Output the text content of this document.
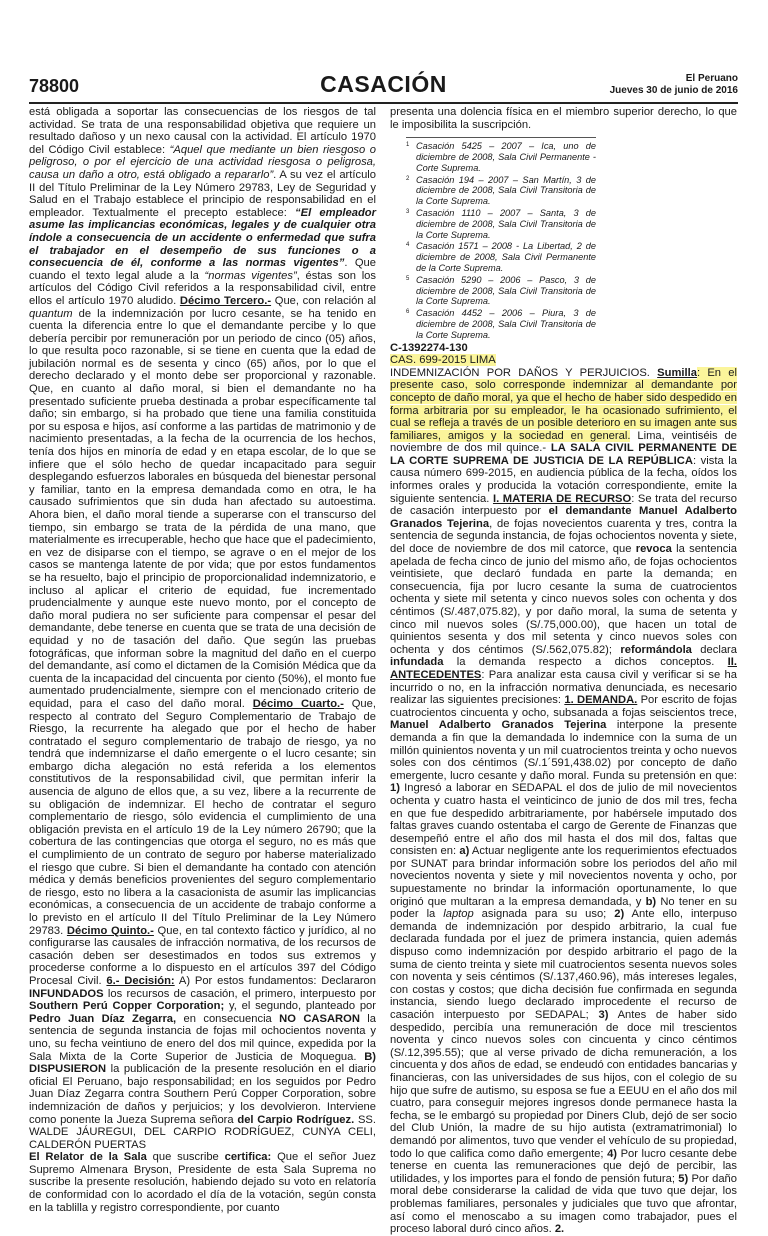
78800	CASACIÓN	El Peruano
Jueves 30 de junio de 2016

está obligada a soportar las consecuencias de los riesgos de tal actividad. Se trata de una responsabilidad objetiva que requiere un resultado dañoso y un nexo causal con la actividad. El artículo 1970 del Código Civil establece: “Aquel que mediante un bien riesgoso o peligroso, o por el ejercicio de una actividad riesgosa o peligrosa, causa un daño a otro, está obligado a repararlo”. A su vez el artículo II del Título Preliminar de la Ley Número 29783, Ley de Seguridad y Salud en el Trabajo establece el principio de responsabilidad en el empleador. Textualmente el precepto establece: “El empleador asume las implicancias económicas, legales y de cualquier otra índole a consecuencia de un accidente o enfermedad que sufra el trabajador en el desempeño de sus funciones o a consecuencia de él, conforme a las normas vigentes”. Que cuando el texto legal alude a la “normas vigentes”, éstas son los artículos del Código Civil referidos a la responsabilidad civil, entre ellos el artículo 1970 aludido. Décimo Tercero.- Que, con relación al quantum de la indemnización por lucro cesante, se ha tenido en cuenta la diferencia entre lo que el demandante percibe y lo que debería percibir por remuneración por un periodo de cinco (05) años, lo que resulta poco razonable, si se tiene en cuenta que la edad de jubilación normal es de sesenta y cinco (65) años, por lo que el derecho declarado y el monto debe ser proporcional y razonable. Que, en cuanto al daño moral, si bien el demandante no ha presentado suficiente prueba destinada a probar específicamente tal daño; sin embargo, si ha probado que tiene una familia constituida por su esposa e hijos, así conforme a las partidas de matrimonio y de nacimiento presentadas, a la fecha de la ocurrencia de los hechos, tenía dos hijos en minoría de edad y en etapa escolar, de lo que se infiere que el sólo hecho de quedar incapacitado para seguir desplegando esfuerzos laborales en búsqueda del bienestar personal y familiar, tanto en la empresa demandada como en otra, le ha causado sufrimientos que sin duda han afectado su autoestima. Ahora bien, el daño moral tiende a superarse con el transcurso del tiempo, sin embargo se trata de la pérdida de una mano, que materialmente es irrecuperable, hecho que hace que el padecimiento, en vez de disiparse con el tiempo, se agrave o en el mejor de los casos se mantenga latente de por vida; que por estos fundamentos se ha resuelto, bajo el principio de proporcionalidad indemnizatorio, e incluso al aplicar el criterio de equidad, fue incrementado prudencialmente y aunque este nuevo monto, por el concepto de daño moral pudiera no ser suficiente para compensar el pesar del demandante, debe tenerse en cuenta que se trata de una decisión de equidad y no de tasación del daño. Que según las pruebas fotográficas, que informan sobre la magnitud del daño en el cuerpo del demandante, así como el dictamen de la Comisión Médica que da cuenta de la incapacidad del cincuenta por ciento (50%), el monto fue aumentado prudencialmente, siempre con el mencionado criterio de equidad, para el caso del daño moral. Décimo Cuarto.- Que, respecto al contrato del Seguro Complementario de Trabajo de Riesgo, la recurrente ha alegado que por el hecho de haber contratado el seguro complementario de trabajo de riesgo, ya no tendrá que indemnizarse el daño emergente o el lucro cesante; sin embargo dicha alegación no está referida a los elementos constitutivos de la responsabilidad civil, que permitan inferir la ausencia de alguno de ellos que, a su vez, libere a la recurrente de su obligación de indemnizar. El hecho de contratar el seguro complementario de riesgo, sólo evidencia el cumplimiento de una obligación prevista en el artículo 19 de la Ley número 26790; que la cobertura de las contingencias que otorga el seguro, no es más que el cumplimiento de un contrato de seguro por haberse materializado el riesgo que cubre. Si bien el demandante ha contado con atención médica y demás beneficios provenientes del seguro complementario de riesgo, esto no libera a la casacionista de asumir las implicancias económicas, a consecuencia de un accidente de trabajo conforme a lo previsto en el artículo II del Título Preliminar de la Ley Número 29783. Décimo Quinto.- Que, en tal contexto fáctico y jurídico, al no configurarse las causales de infracción normativa, de los recursos de casación deben ser desestimados en todos sus extremos y procederse conforme a lo dispuesto en el artículos 397 del Código Procesal Civil. 6.- Decisión: A) Por estos fundamentos: Declararon INFUNDADOS los recursos de casación, el primero, interpuesto por Southern Perú Copper Corporation; y, el segundo, planteado por Pedro Juan Díaz Zegarra, en consecuencia NO CASARON la sentencia de segunda instancia de fojas mil ochocientos noventa y uno, su fecha veintiuno de enero del dos mil quince, expedida por la Sala Mixta de la Corte Superior de Justicia de Moquegua. B) DISPUSIERON la publicación de la presente resolución en el diario oficial El Peruano, bajo responsabilidad; en los seguidos por Pedro Juan Díaz Zegarra contra Southern Perú Copper Corporation, sobre indemnización de daños y perjuicios; y los devolvieron. Interviene como ponente la Jueza Suprema señora del Carpio Rodríguez. SS. WALDE JÁUREGUI, DEL CARPIO RODRÍGUEZ, CUNYA CELI, CALDERÓN PUERTAS

El Relator de la Sala que suscribe certifica: Que el señor Juez Supremo Almenara Bryson, Presidente de esta Sala Suprema no suscribe la presente resolución, habiendo dejado su voto en relatoría de conformidad con lo acordado el día de la votación, según consta en la tablilla y registro correspondiente, por cuanto

presenta una dolencia física en el miembro superior derecho, lo que le imposibilita la suscripción.

1 Casación 5425 – 2007 – Ica, uno de diciembre de 2008, Sala Civil Permanente - Corte Suprema.
2 Casación 194 – 2007 – San Martín, 3 de diciembre de 2008, Sala Civil Transitoria de la Corte Suprema.
3 Casación 1110 – 2007 – Santa, 3 de diciembre de 2008, Sala Civil Transitoria de la Corte Suprema.
4 Casación 1571 – 2008 - La Libertad, 2 de diciembre de 2008, Sala Civil Permanente de la Corte Suprema.
5 Casación 5290 – 2006 – Pasco, 3 de diciembre de 2008, Sala Civil Transitoria de la Corte Suprema.
6 Casación 4452 – 2006 – Piura, 3 de diciembre de 2008, Sala Civil Transitoria de la Corte Suprema.

C-1392274-130

CAS. 699-2015 LIMA

INDEMNIZACIÓN POR DAÑOS Y PERJUICIOS. Sumilla: En el presente caso, solo corresponde indemnizar al demandante por concepto de daño moral, ya que el hecho de haber sido despedido en forma arbitraria por su empleador, le ha ocasionado sufrimiento, el cual se refleja a través de un posible deterioro en su imagen ante sus familiares, amigos y la sociedad en general. Lima, veintiséis de noviembre de dos mil quince.- LA SALA CIVIL PERMANENTE DE LA CORTE SUPREMA DE JUSTICIA DE LA REPÚBLICA: vista la causa número 699-2015, en audiencia pública de la fecha, oídos los informes orales y producida la votación correspondiente, emite la siguiente sentencia. I. MATERIA DE RECURSO: Se trata del recurso de casación interpuesto por el demandante Manuel Adalberto Granados Tejerina, de fojas novecientos cuarenta y tres, contra la sentencia de segunda instancia, de fojas ochocientos noventa y siete, del doce de noviembre de dos mil catorce, que revoca la sentencia apelada de fecha cinco de junio del mismo año, de fojas ochocientos veintisiete, que declaró fundada en parte la demanda; en consecuencia, fija por lucro cesante la suma de cuatrocientos ochenta y siete mil setenta y cinco nuevos soles con ochenta y dos céntimos (S/.487,075.82), y por daño moral, la suma de setenta y cinco mil nuevos soles (S/.75,000.00), que hacen un total de quinientos sesenta y dos mil setenta y cinco nuevos soles con ochenta y dos céntimos (S/.562,075.82); reformándola declara infundada la demanda respecto a dichos conceptos. II. ANTECEDENTES: Para analizar esta causa civil y verificar si se ha incurrido o no, en la infracción normativa denunciada, es necesario realizar las siguientes precisiones: 1. DEMANDA. Por escrito de fojas cuatrocientos cincuenta y ocho, subsanada a fojas seiscientos trece, Manuel Adalberto Granados Tejerina interpone la presente demanda a fin que la demandada lo indemnice con la suma de un millón quinientos noventa y un mil cuatrocientos treinta y ocho nuevos soles con dos céntimos (S/.1´591,438.02) por concepto de daño emergente, lucro cesante y daño moral. Funda su pretensión en que: 1) Ingresó a laborar en SEDAPAL el dos de julio de mil novecientos ochenta y cuatro hasta el veinticinco de junio de dos mil tres, fecha en que fue despedido arbitrariamente, por habérsele imputado dos faltas graves cuando ostentaba el cargo de Gerente de Finanzas que desempeñó entre el año dos mil hasta el dos mil dos, faltas que consisten en: a) Actuar negligente ante los requerimientos efectuados por SUNAT para brindar información sobre los periodos del año mil novecientos noventa y siete y mil novecientos noventa y ocho, por supuestamente no brindar la información oportunamente, lo que originó que multaran a la empresa demandada, y b) No tener en su poder la laptop asignada para su uso; 2) Ante ello, interpuso demanda de indemnización por despido arbitrario, la cual fue declarada fundada por el juez de primera instancia, quien además dispuso como indemnización por despido arbitrario el pago de la suma de ciento treinta y siete mil cuatrocientos sesenta nuevos soles con noventa y seis céntimos (S/.137,460.96), más intereses legales, con costas y costos; que dicha decisión fue confirmada en segunda instancia, siendo luego declarado improcedente el recurso de casación interpuesto por SEDAPAL; 3) Antes de haber sido despedido, percibía una remuneración de doce mil trescientos noventa y cinco nuevos soles con cincuenta y cinco céntimos (S/.12,395.55); que al verse privado de dicha remuneración, a los cincuenta y dos años de edad, se endeudó con entidades bancarias y financieras, con las universidades de sus hijos, con el colegio de su hijo que sufre de autismo, su esposa se fue a EEUU en el año dos mil cuatro, para conseguir mejores ingresos donde permanece hasta la fecha, se le embargó su propiedad por Diners Club, dejó de ser socio del Club Unión, la madre de su hijo autista (extramatrimonial) lo demandó por alimentos, tuvo que vender el vehículo de su propiedad, todo lo que califica como daño emergente; 4) Por lucro cesante debe tenerse en cuenta las remuneraciones que dejó de percibir, las utilidades, y los importes para el fondo de pensión futura; 5) Por daño moral debe considerarse la calidad de vida que tuvo que dejar, los problemas familiares, personales y judiciales que tuvo que afrontar, así como el menoscabo a su imagen como trabajador, pues el proceso laboral duró cinco años. 2.
